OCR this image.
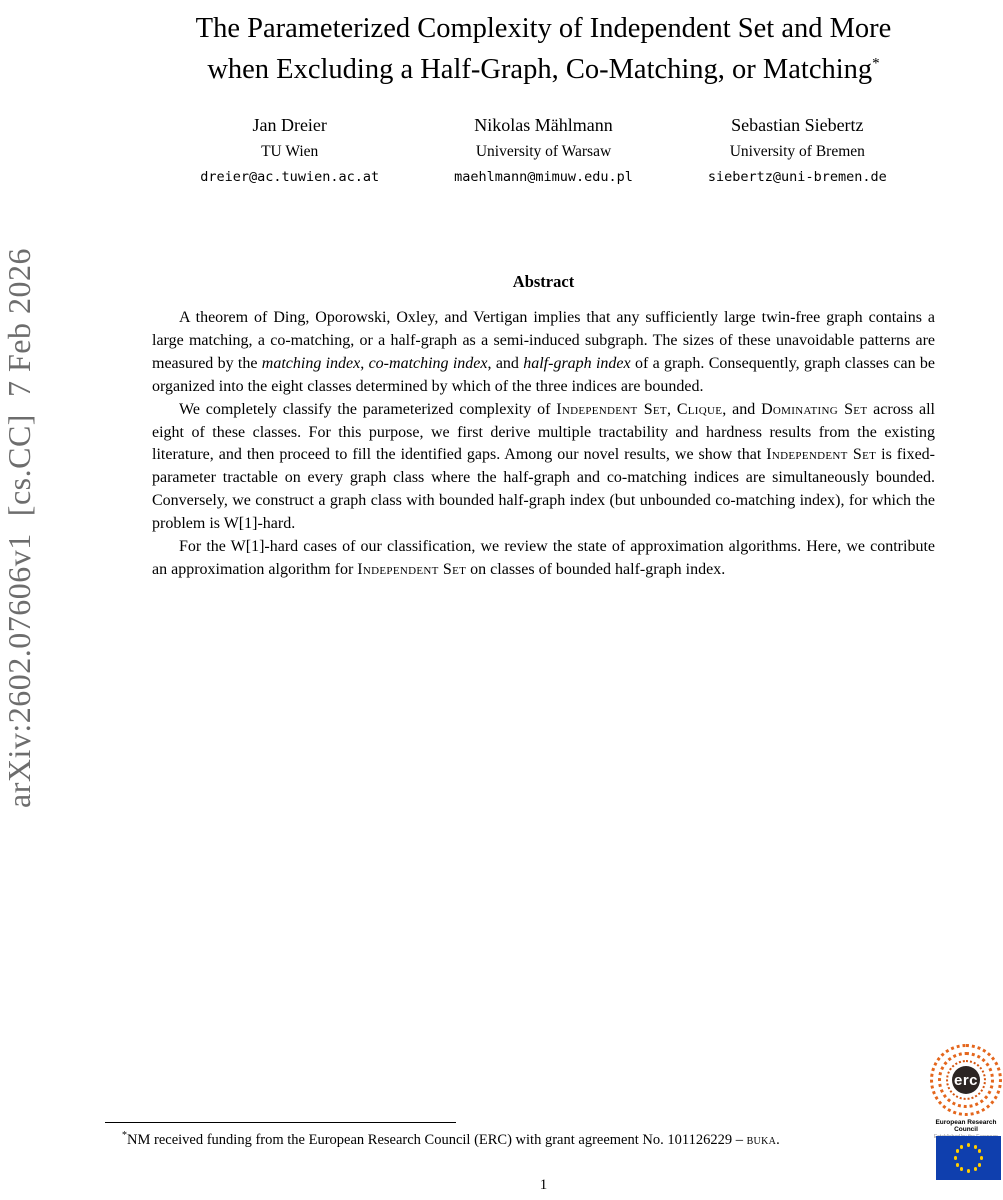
arXiv:2602.07606v1  [cs.CC]  7 Feb 2026
The Parameterized Complexity of Independent Set and More
when Excluding a Half-Graph, Co-Matching, or Matching*
Jan Dreier
TU Wien
dreier@ac.tuwien.ac.at
Nikolas Mählmann
University of Warsaw
maehlmann@mimuw.edu.pl
Sebastian Siebertz
University of Bremen
siebertz@uni-bremen.de
Abstract

A theorem of Ding, Oporowski, Oxley, and Vertigan implies that any sufficiently large twin-free graph contains a large matching, a co-matching, or a half-graph as a semi-induced subgraph. The sizes of these unavoidable patterns are measured by the matching index, co-matching index, and half-graph index of a graph. Consequently, graph classes can be organized into the eight classes determined by which of the three indices are bounded.

We completely classify the parameterized complexity of Independent Set, Clique, and Dominating Set across all eight of these classes. For this purpose, we first derive multiple tractability and hardness results from the existing literature, and then proceed to fill the identified gaps. Among our novel results, we show that Independent Set is fixed-parameter tractable on every graph class where the half-graph and co-matching indices are simultaneously bounded. Conversely, we construct a graph class with bounded half-graph index (but unbounded co-matching index), for which the problem is W[1]-hard.

For the W[1]-hard cases of our classification, we review the state of approximation algorithms. Here, we contribute an approximation algorithm for Independent Set on classes of bounded half-graph index.

*NM received funding from the European Research Council (ERC) with grant agreement No. 101126229 – buka.

erc
European Research Council
1
